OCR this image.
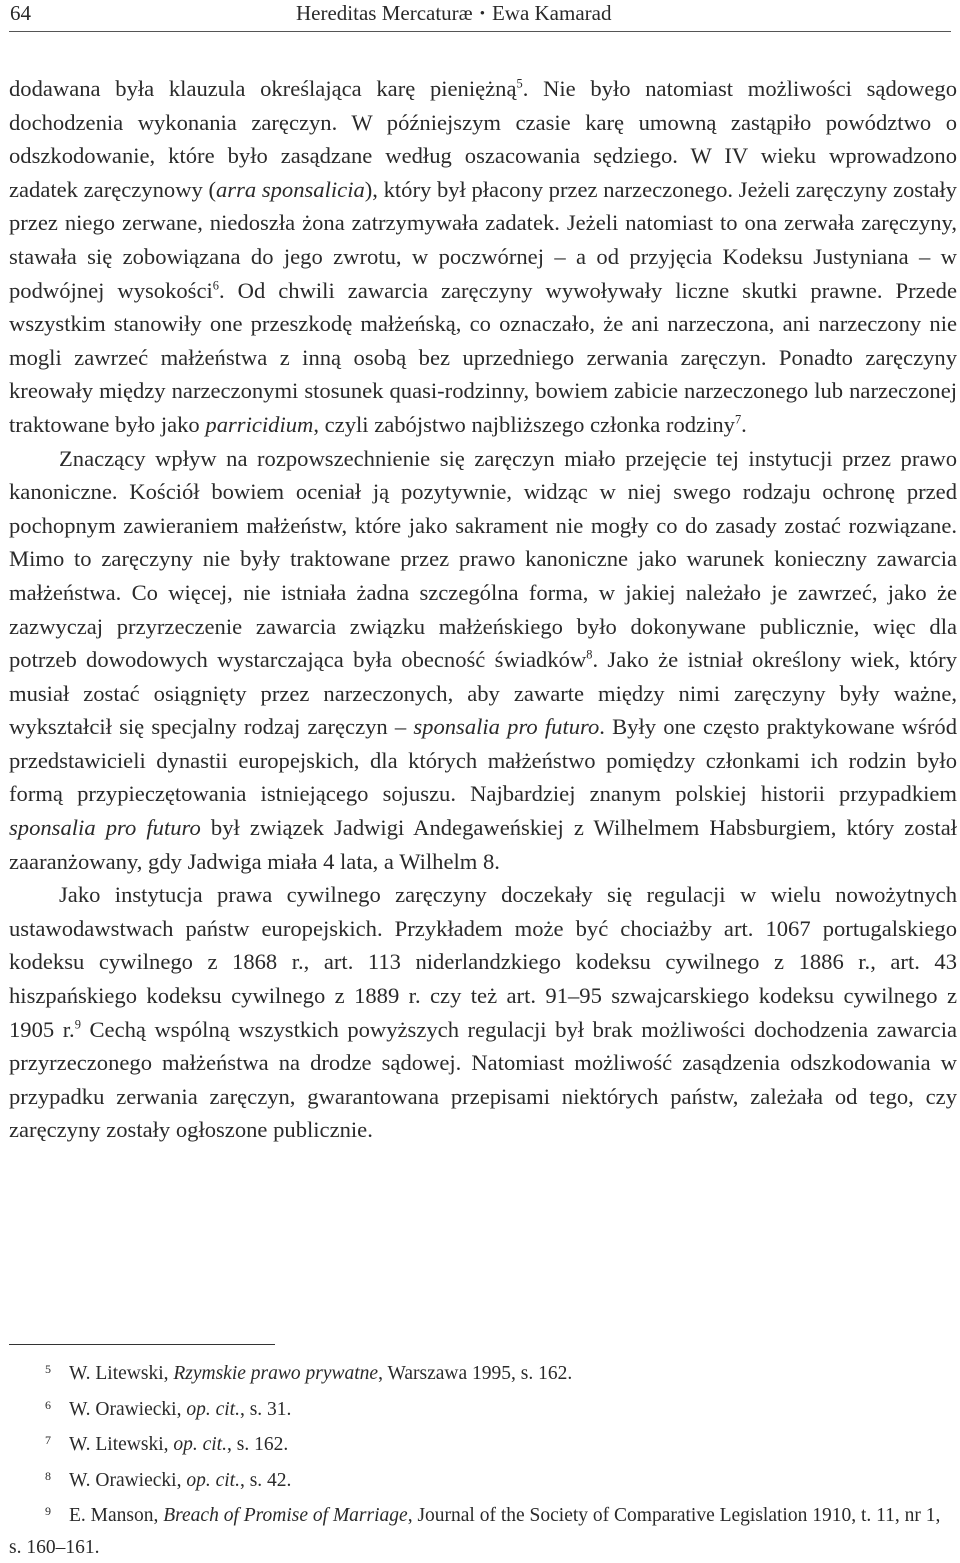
64	Hereditas Mercaturæ • Ewa Kamarad

dodawana była klauzula określająca karę pieniężną$^5$. Nie było natomiast możliwości sądowego dochodzenia wykonania zaręczyn. W późniejszym czasie karę umowną zastąpiło powództwo o odszkodowanie, które było zasądzane według oszacowania sędziego. W IV wieku wprowadzono zadatek zaręczynowy (arra sponsalicia), który był płacony przez narzeczonego. Jeżeli zaręczyny zostały przez niego zerwane, niedoszła żona zatrzymywała zadatek. Jeżeli natomiast to ona zerwała zaręczyny, stawała się zobowiązana do jego zwrotu, w poczwórnej – a od przyjęcia Kodeksu Justyniana – w podwójnej wysokości$^6$. Od chwili zawarcia zaręczyny wywoływały liczne skutki prawne. Przede wszystkim stanowiły one przeszkodę małżeńską, co oznaczało, że ani narzeczona, ani narzeczony nie mogli zawrzeć małżeństwa z inną osobą bez uprzedniego zerwania zaręczyn. Ponadto zaręczyny kreowały między narzeczonymi stosunek quasi-rodzinny, bowiem zabicie narzeczonego lub narzeczonej traktowane było jako parricidium, czyli zabójstwo najbliższego członka rodziny$^7$.

Znaczący wpływ na rozpowszechnienie się zaręczyn miało przejęcie tej instytucji przez prawo kanoniczne. Kościół bowiem oceniał ją pozytywnie, widząc w niej swego rodzaju ochronę przed pochopnym zawieraniem małżeństw, które jako sakrament nie mogły co do zasady zostać rozwiązane. Mimo to zaręczyny nie były traktowane przez prawo kanoniczne jako warunek konieczny zawarcia małżeństwa. Co więcej, nie istniała żadna szczególna forma, w jakiej należało je zawrzeć, jako że zazwyczaj przyrzeczenie zawarcia związku małżeńskiego było dokonywane publicznie, więc dla potrzeb dowodowych wystarczająca była obecność świadków$^8$. Jako że istniał określony wiek, który musiał zostać osiągnięty przez narzeczonych, aby zawarte między nimi zaręczyny były ważne, wykształcił się specjalny rodzaj zaręczyn – sponsalia pro futuro. Były one często praktykowane wśród przedstawicieli dynastii europejskich, dla których małżeństwo pomiędzy członkami ich rodzin było formą przypieczętowania istniejącego sojuszu. Najbardziej znanym polskiej historii przypadkiem sponsalia pro futuro był związek Jadwigi Andegaweńskiej z Wilhelmem Habsburgiem, który został zaaranżowany, gdy Jadwiga miała 4 lata, a Wilhelm 8.

Jako instytucja prawa cywilnego zaręczyny doczekały się regulacji w wielu nowożytnych ustawodawstwach państw europejskich. Przykładem może być chociażby art. 1067 portugalskiego kodeksu cywilnego z 1868 r., art. 113 niderlandzkiego kodeksu cywilnego z 1886 r., art. 43 hiszpańskiego kodeksu cywilnego z 1889 r. czy też art. 91–95 szwajcarskiego kodeksu cywilnego z 1905 r.$^9$ Cechą wspólną wszystkich powyższych regulacji był brak możliwości dochodzenia zawarcia przyrzeczonego małżeństwa na drodze sądowej. Natomiast możliwość zasądzenia odszkodowania w przypadku zerwania zaręczyn, gwarantowana przepisami niektórych państw, zależała od tego, czy zaręczyny zostały ogłoszone publicznie.

5 W. Litewski, Rzymskie prawo prywatne, Warszawa 1995, s. 162.

6 W. Orawiecki, op. cit., s. 31.

7 W. Litewski, op. cit., s. 162.

8 W. Orawiecki, op. cit., s. 42.

9 E. Manson, Breach of Promise of Marriage, Journal of the Society of Comparative Legislation 1910, t. 11, nr 1, s. 160–161.
